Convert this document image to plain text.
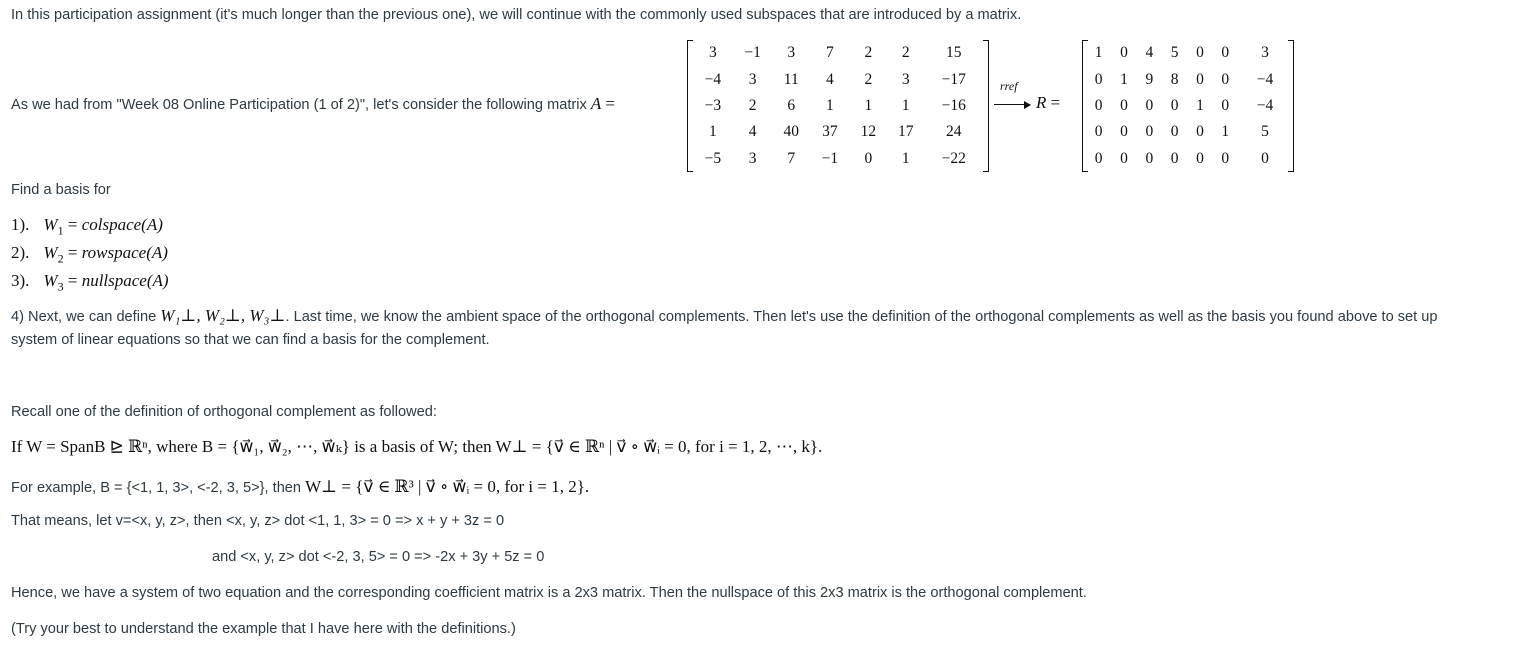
In this participation assignment (it's much longer than the previous one), we will continue with the commonly used subspaces that are introduced by a matrix.
As we had from "Week 08 Online Participation (1 of 2)", let's consider the following matrix A =
3	−1	3	7	2	2	15
−4	3	11	4	2	3	−17
−3	2	6	1	1	1	−16
1	4	40	37	12	17	24
−5	3	7	−1	0	1	−22
rref
R =
1	0	4	5	0	0	3
0	1	9	8	0	0	−4
0	0	0	0	1	0	−4
0	0	0	0	0	1	5
0	0	0	0	0	0	0
Find a basis for
1). $W_1$ = colspace(A)
2). $W_2$ = rowspace(A)
3). $W_3$ = nullspace(A)
4) Next, we can define W₁⊥, W₂⊥, W₃⊥. Last time, we know the ambient space of the orthogonal complements. Then let's use the definition of the orthogonal complements as well as the basis you found above to set up
system of linear equations so that we can find a basis for the complement.
Recall one of the definition of orthogonal complement as followed:
If W = SpanB ⊵ ℝⁿ, where B = {w⃗₁, w⃗₂, ⋯, w⃗ₖ} is a basis of W; then W⊥ = {v⃗ ∈ ℝⁿ | v⃗ ∘ w⃗ᵢ = 0, for i = 1, 2, ⋯, k}.
For example, B = {<1, 1, 3>, <-2, 3, 5>}, then W⊥ = {v⃗ ∈ ℝ³ | v⃗ ∘ w⃗ᵢ = 0, for i = 1, 2}.
That means, let v=<x, y, z>, then <x, y, z> dot <1, 1, 3> = 0 => x + y + 3z = 0
and <x, y, z> dot <-2, 3, 5> = 0 => -2x + 3y + 5z = 0
Hence, we have a system of two equation and the corresponding coefficient matrix is a 2x3 matrix. Then the nullspace of this 2x3 matrix is the orthogonal complement.
(Try your best to understand the example that I have here with the definitions.)
